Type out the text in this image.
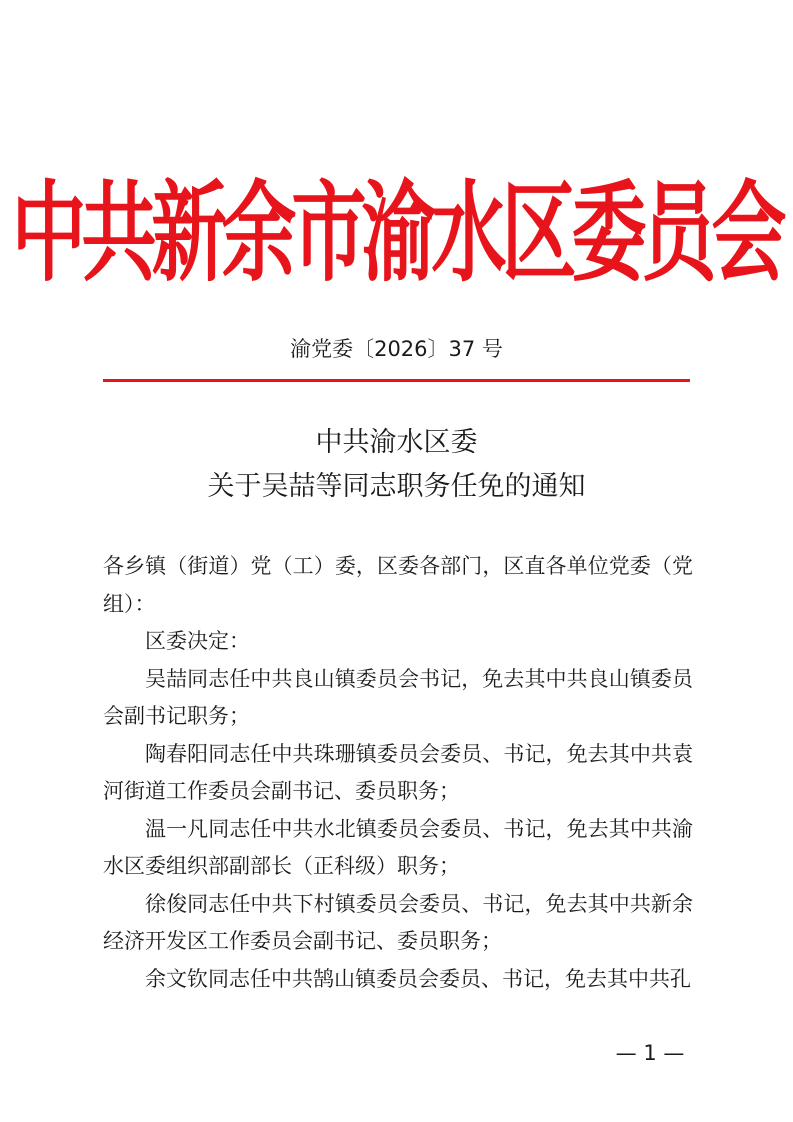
中共新余市渝水区委员会
渝党委〔2026〕37 号
中共渝水区委
关于吴喆等同志职务任免的通知

各乡镇（街道）党（工）委，区委各部门，区直各单位党委（党组）：

区委决定：

吴喆同志任中共良山镇委员会书记，免去其中共良山镇委员会副书记职务；

陶春阳同志任中共珠珊镇委员会委员、书记，免去其中共袁河街道工作委员会副书记、委员职务；

温一凡同志任中共水北镇委员会委员、书记，免去其中共渝水区委组织部副部长（正科级）职务；

徐俊同志任中共下村镇委员会委员、书记，免去其中共新余经济开发区工作委员会副书记、委员职务；

余文钦同志任中共鹄山镇委员会委员、书记，免去其中共孔

— 1 —
